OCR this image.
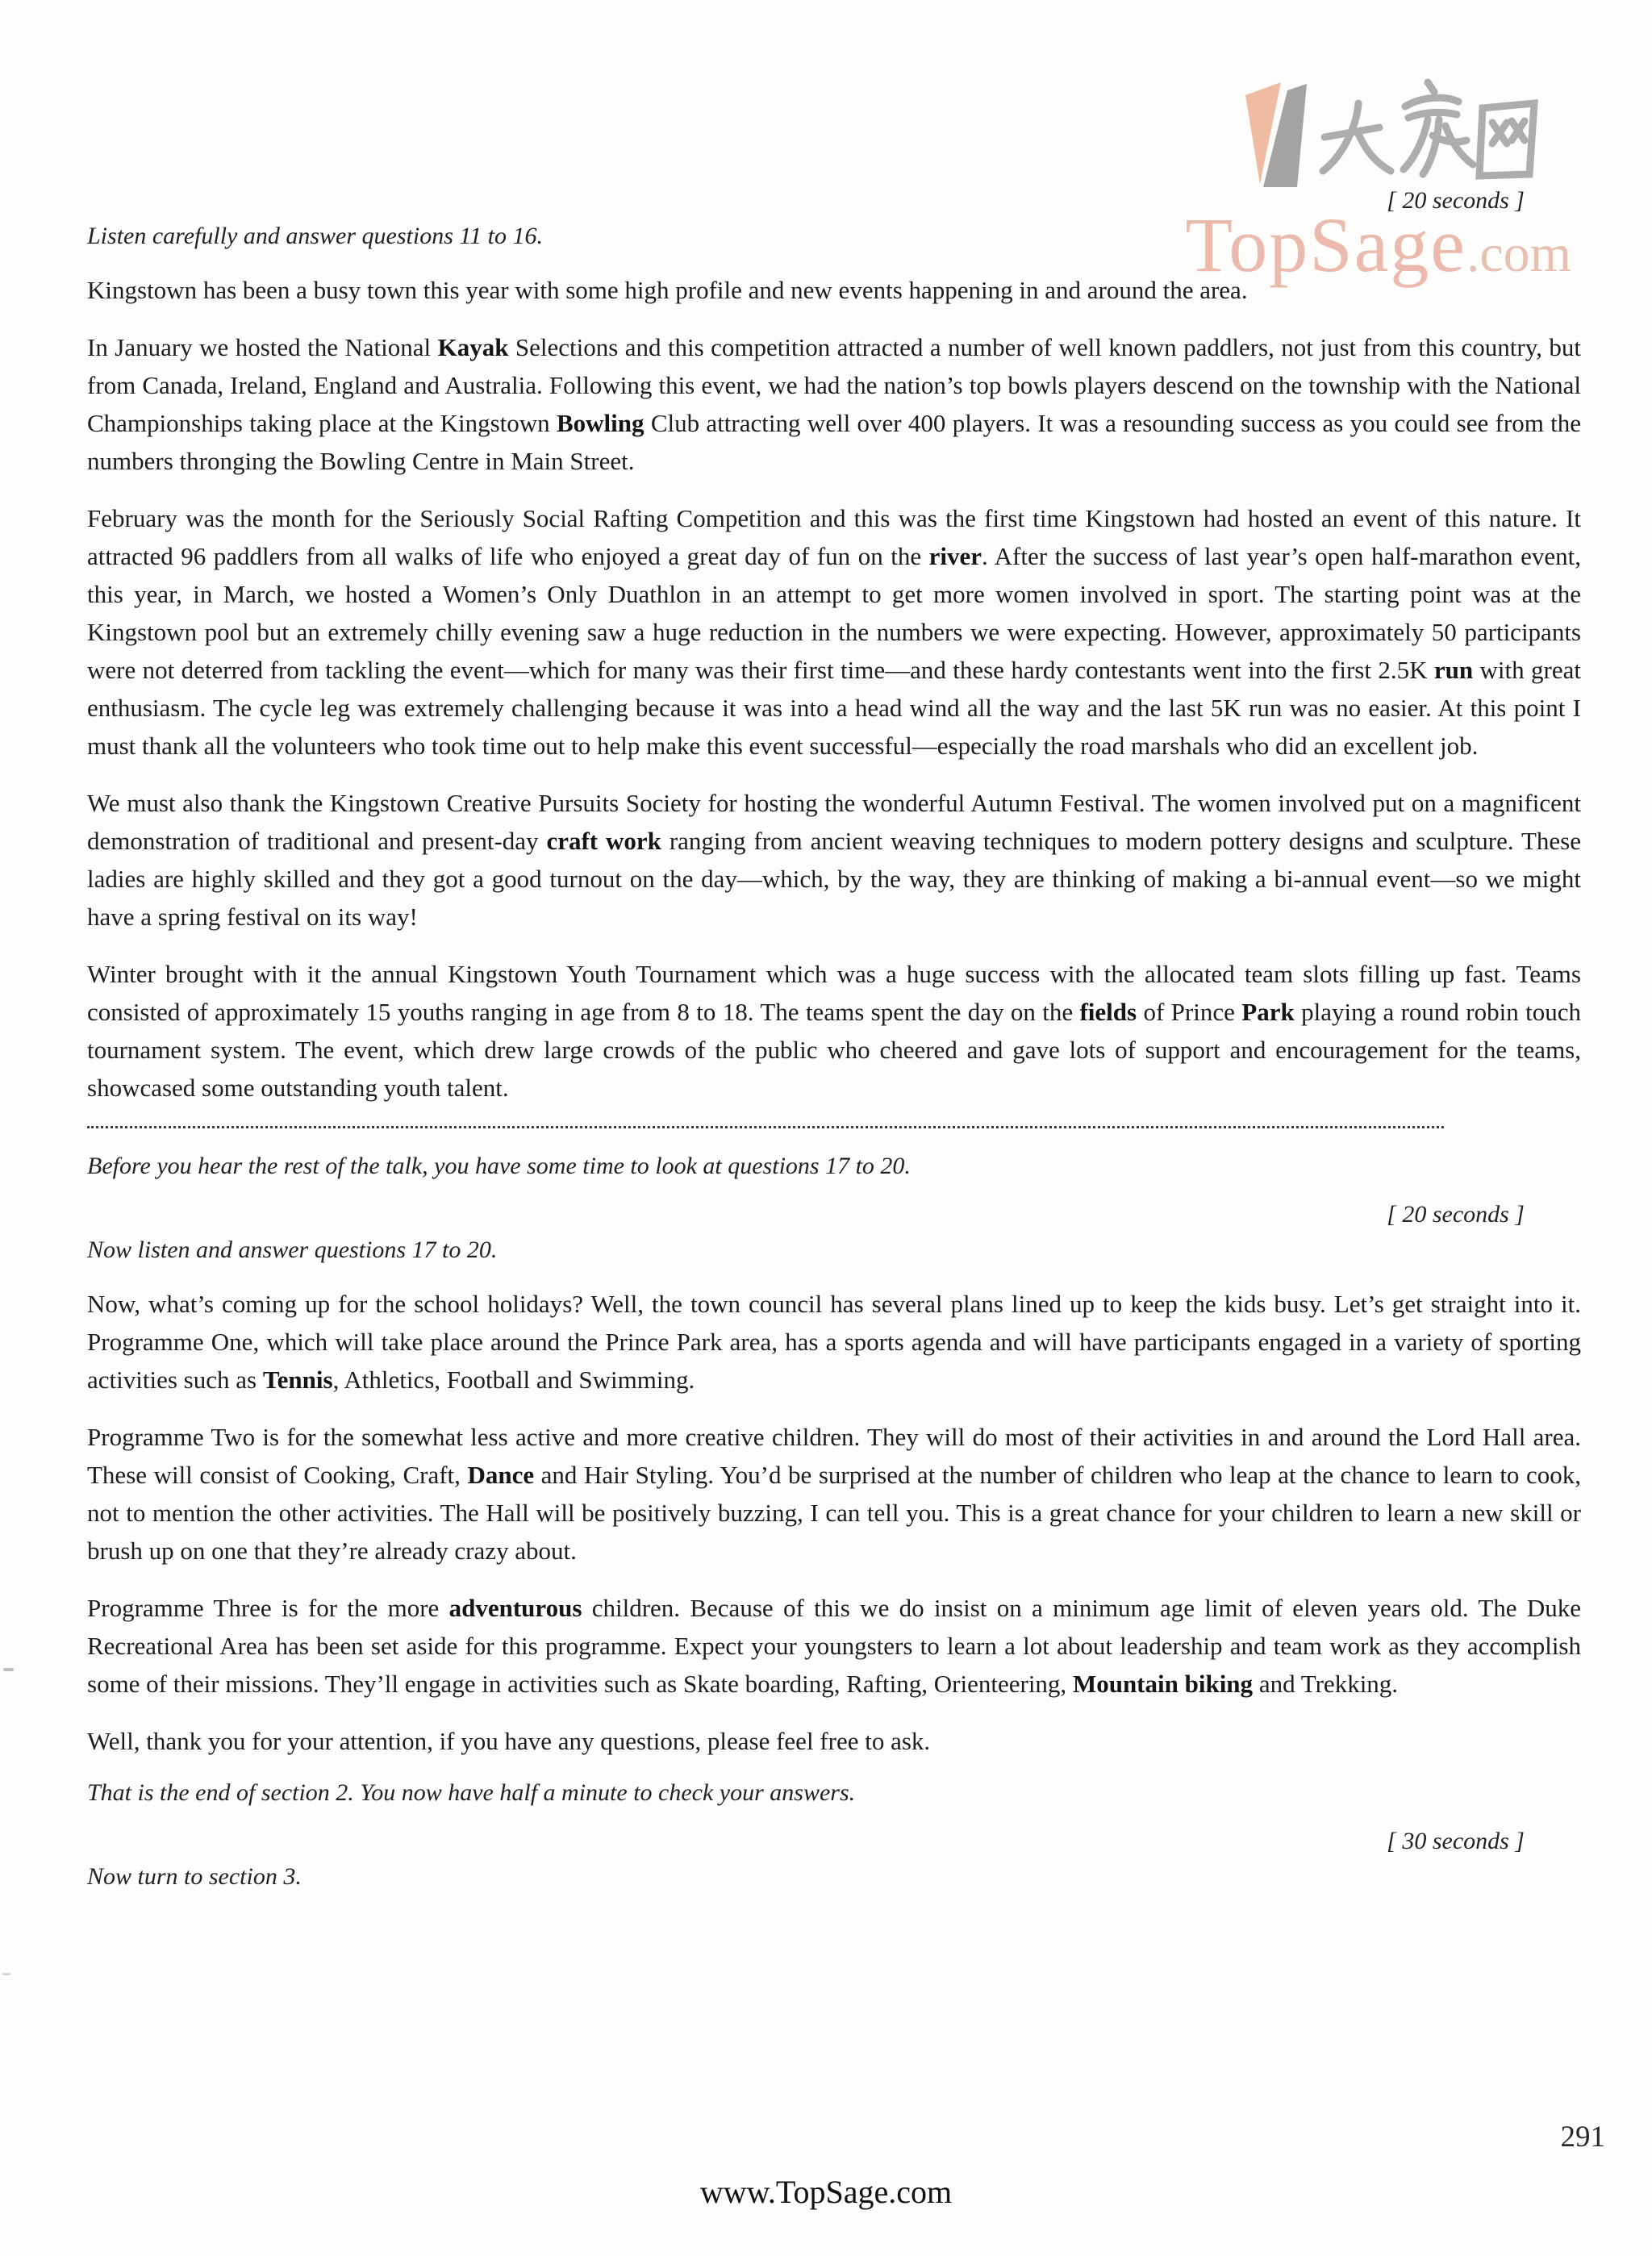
TopSage.com
[ 20 seconds ]

Listen carefully and answer questions 11 to 16.

Kingstown has been a busy town this year with some high profile and new events happening in and around the area.

In January we hosted the National Kayak Selections and this competition attracted a number of well known paddlers, not just from this country, but from Canada, Ireland, England and Australia. Following this event, we had the nation’s top bowls players descend on the township with the National Championships taking place at the Kingstown Bowling Club attracting well over 400 players. It was a resounding success as you could see from the numbers thronging the Bowling Centre in Main Street.

February was the month for the Seriously Social Rafting Competition and this was the first time Kingstown had hosted an event of this nature. It attracted 96 paddlers from all walks of life who enjoyed a great day of fun on the river. After the success of last year’s open half-marathon event, this year, in March, we hosted a Women’s Only Duathlon in an attempt to get more women involved in sport. The starting point was at the Kingstown pool but an extremely chilly evening saw a huge reduction in the numbers we were expecting. However, approximately 50 participants were not deterred from tackling the event—which for many was their first time—and these hardy contestants went into the first 2.5K run with great enthusiasm. The cycle leg was extremely challenging because it was into a head wind all the way and the last 5K run was no easier. At this point I must thank all the volunteers who took time out to help make this event successful—especially the road marshals who did an excellent job.

We must also thank the Kingstown Creative Pursuits Society for hosting the wonderful Autumn Festival. The women involved put on a magnificent demonstration of traditional and present-day craft work ranging from ancient weaving techniques to modern pottery designs and sculpture. These ladies are highly skilled and they got a good turnout on the day—which, by the way, they are thinking of making a bi-annual event—so we might have a spring festival on its way!

Winter brought with it the annual Kingstown Youth Tournament which was a huge success with the allocated team slots filling up fast. Teams consisted of approximately 15 youths ranging in age from 8 to 18. The teams spent the day on the fields of Prince Park playing a round robin touch tournament system. The event, which drew large crowds of the public who cheered and gave lots of support and encouragement for the teams, showcased some outstanding youth talent.

Before you hear the rest of the talk, you have some time to look at questions 17 to 20.

[ 20 seconds ]

Now listen and answer questions 17 to 20.

Now, what’s coming up for the school holidays? Well, the town council has several plans lined up to keep the kids busy. Let’s get straight into it. Programme One, which will take place around the Prince Park area, has a sports agenda and will have participants engaged in a variety of sporting activities such as Tennis, Athletics, Football and Swimming.

Programme Two is for the somewhat less active and more creative children. They will do most of their activities in and around the Lord Hall area. These will consist of Cooking, Craft, Dance and Hair Styling. You’d be surprised at the number of children who leap at the chance to learn to cook, not to mention the other activities. The Hall will be positively buzzing, I can tell you. This is a great chance for your children to learn a new skill or brush up on one that they’re already crazy about.

Programme Three is for the more adventurous children. Because of this we do insist on a minimum age limit of eleven years old. The Duke Recreational Area has been set aside for this programme. Expect your youngsters to learn a lot about leadership and team work as they accomplish some of their missions. They’ll engage in activities such as Skate boarding, Rafting, Orienteering, Mountain biking and Trekking.

Well, thank you for your attention, if you have any questions, please feel free to ask.

That is the end of section 2. You now have half a minute to check your answers.

[ 30 seconds ]

Now turn to section 3.

291
www.TopSage.com
